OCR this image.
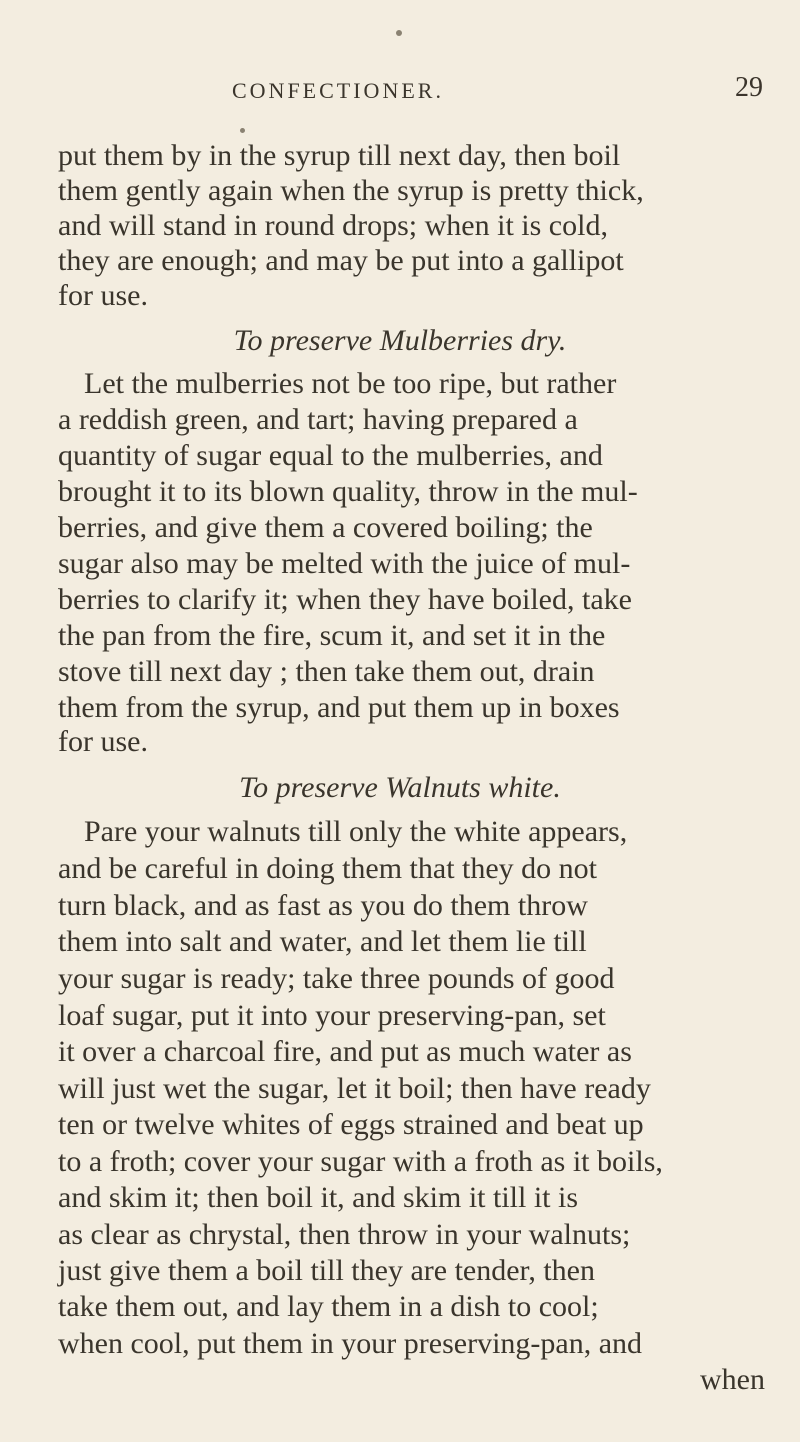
CONFECTIONER.	29
put them by in the syrup till next day, then boil
them gently again when the syrup is pretty thick,
and will stand in round drops; when it is cold,
they are enough; and may be put into a gallipot
for use.
To preserve Mulberries dry.
Let the mulberries not be too ripe, but rather
a reddish green, and tart; having prepared a
quantity of sugar equal to the mulberries, and
brought it to its blown quality, throw in the mul-
berries, and give them a covered boiling; the
sugar also may be melted with the juice of mul-
berries to clarify it; when they have boiled, take
the pan from the fire, scum it, and set it in the
stove till next day ; then take them out, drain
them from the syrup, and put them up in boxes
for use.
To preserve Walnuts white.
Pare your walnuts till only the white appears,
and be careful in doing them that they do not
turn black, and as fast as you do them throw
them into salt and water, and let them lie till
your sugar is ready; take three pounds of good
loaf sugar, put it into your preserving-pan, set
it over a charcoal fire, and put as much water as
will just wet the sugar, let it boil; then have ready
ten or twelve whites of eggs strained and beat up
to a froth; cover your sugar with a froth as it boils,
and skim it; then boil it, and skim it till it is
as clear as chrystal, then throw in your walnuts;
just give them a boil till they are tender, then
take them out, and lay them in a dish to cool;
when cool, put them in your preserving-pan, and
when
